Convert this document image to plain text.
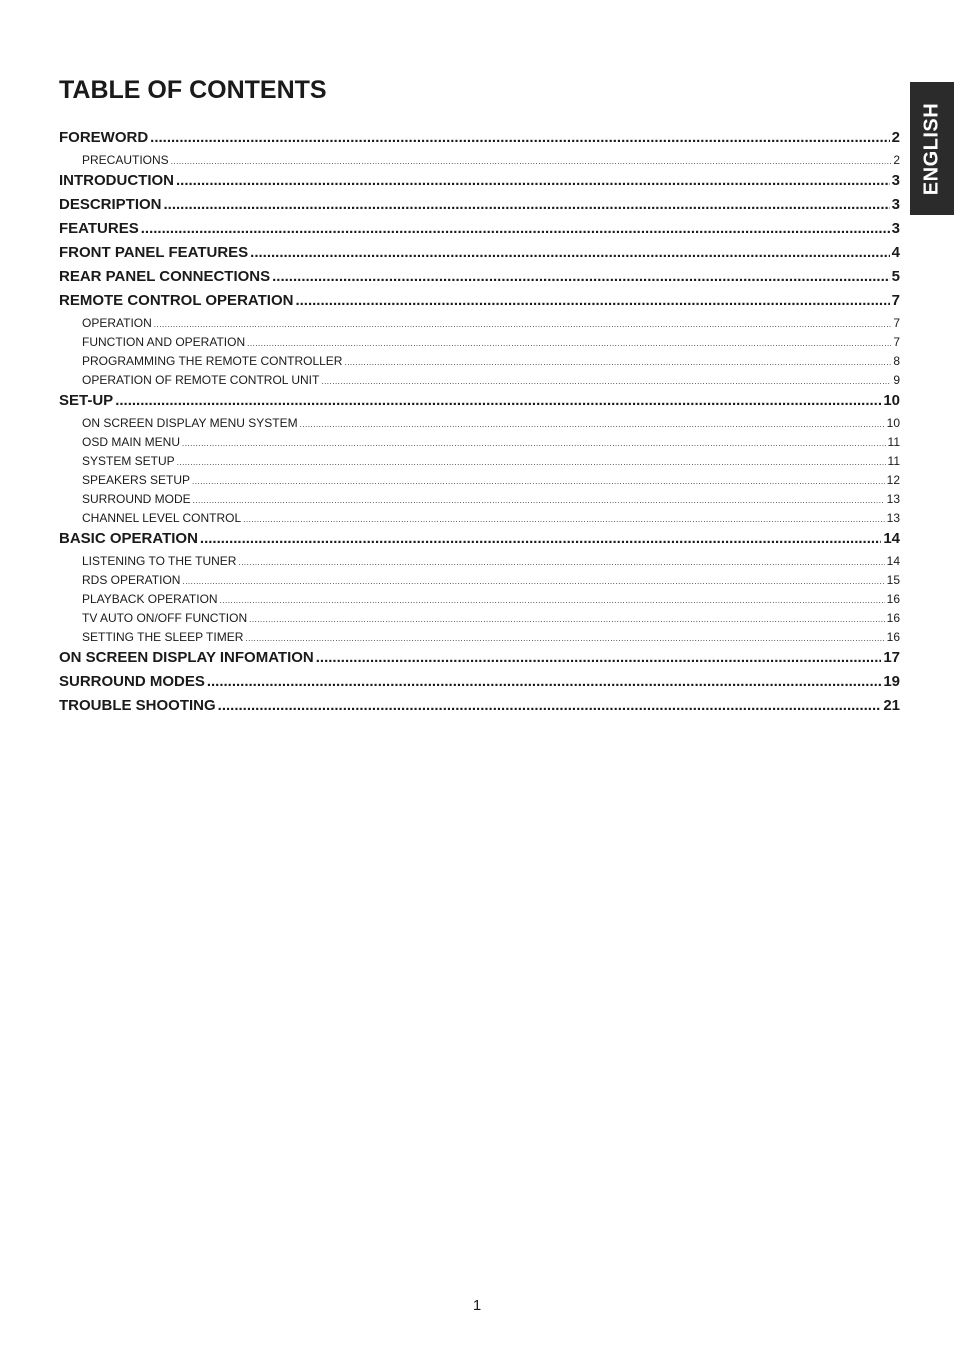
TABLE OF CONTENTS
ENGLISH
FOREWORD .....	2
PRECAUTIONS .....	2
INTRODUCTION .....	3
DESCRIPTION .....	3
FEATURES .....	3
FRONT PANEL FEATURES .....	4
REAR PANEL CONNECTIONS .....	5
REMOTE CONTROL OPERATION .....	7
OPERATION .....	7
FUNCTION AND OPERATION .....	7
PROGRAMMING THE REMOTE CONTROLLER .....	8
OPERATION OF REMOTE CONTROL UNIT .....	9
SET-UP .....	10
ON SCREEN DISPLAY MENU SYSTEM .....	10
OSD MAIN MENU .....	11
SYSTEM SETUP .....	11
SPEAKERS SETUP .....	12
SURROUND MODE .....	13
CHANNEL LEVEL CONTROL .....	13
BASIC OPERATION .....	14
LISTENING TO THE TUNER .....	14
RDS OPERATION .....	15
PLAYBACK OPERATION .....	16
TV AUTO ON/OFF FUNCTION .....	16
SETTING THE SLEEP TIMER .....	16
ON SCREEN DISPLAY INFOMATION .....	17
SURROUND MODES .....	19
TROUBLE SHOOTING .....	21
1
